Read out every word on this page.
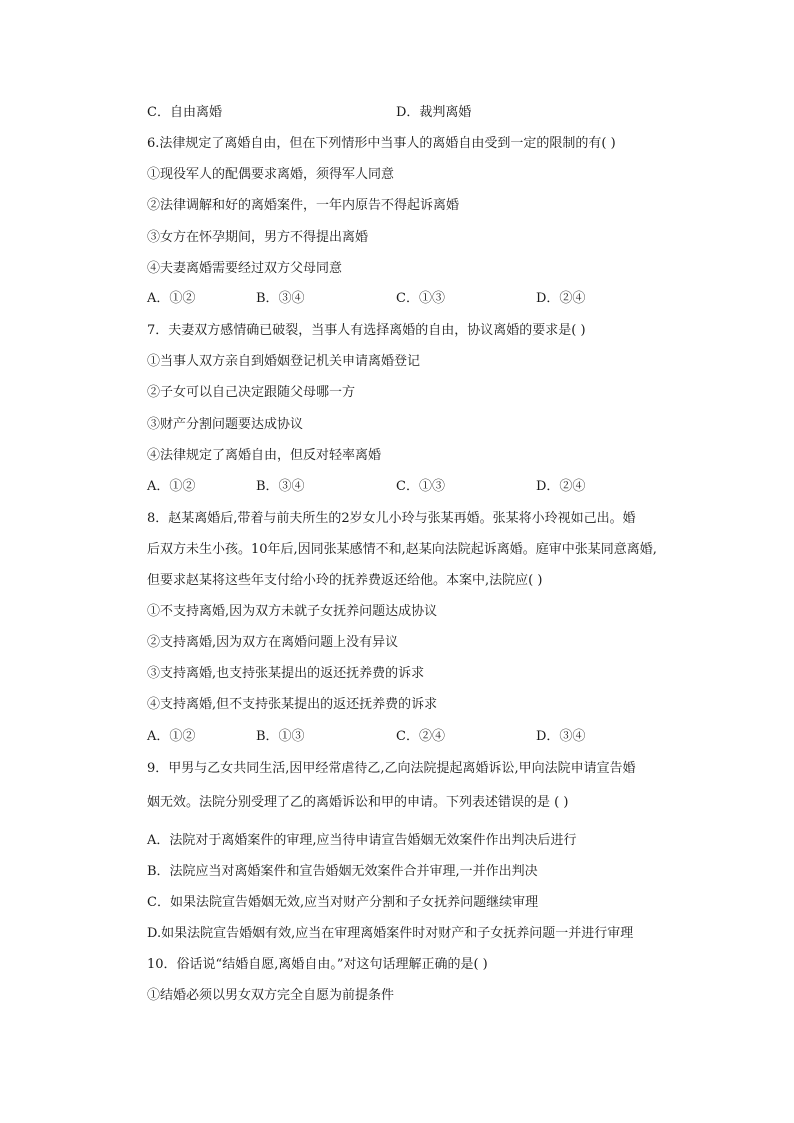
C．自由离婚	D．裁判离婚
6.法律规定了离婚自由，但在下列情形中当事人的离婚自由受到一定的限制的有( )
①现役军人的配偶要求离婚，须得军人同意
②法律调解和好的离婚案件，一年内原告不得起诉离婚
③女方在怀孕期间，男方不得提出离婚
④夫妻离婚需要经过双方父母同意
A．①②	B．③④	C．①③	D．②④
7．夫妻双方感情确已破裂，当事人有选择离婚的自由，协议离婚的要求是( )
①当事人双方亲自到婚姻登记机关申请离婚登记
②子女可以自己决定跟随父母哪一方
③财产分割问题要达成协议
④法律规定了离婚自由，但反对轻率离婚
A．①②	B．③④	C．①③	D．②④
8．赵某离婚后,带着与前夫所生的2岁女儿小玲与张某再婚。张某将小玲视如己出。婚
后双方未生小孩。10年后,因同张某感情不和,赵某向法院起诉离婚。庭审中张某同意离婚,
但要求赵某将这些年支付给小玲的抚养费返还给他。本案中,法院应( )
①不支持离婚,因为双方未就子女抚养问题达成协议
②支持离婚,因为双方在离婚问题上没有异议
③支持离婚,也支持张某提出的返还抚养费的诉求
④支持离婚,但不支持张某提出的返还抚养费的诉求
A．①②	B．①③	C．②④	D．③④
9．甲男与乙女共同生活,因甲经常虐待乙,乙向法院提起离婚诉讼,甲向法院申请宣告婚
姻无效。法院分别受理了乙的离婚诉讼和甲的申请。下列表述错误的是 ( )
A．法院对于离婚案件的审理,应当待申请宣告婚姻无效案件作出判决后进行
B．法院应当对离婚案件和宣告婚姻无效案件合并审理,一并作出判决
C．如果法院宣告婚姻无效,应当对财产分割和子女抚养问题继续审理
D.如果法院宣告婚姻有效,应当在审理离婚案件时对财产和子女抚养问题一并进行审理
10．俗话说“结婚自愿,离婚自由。”对这句话理解正确的是( )
①结婚必须以男女双方完全自愿为前提条件
